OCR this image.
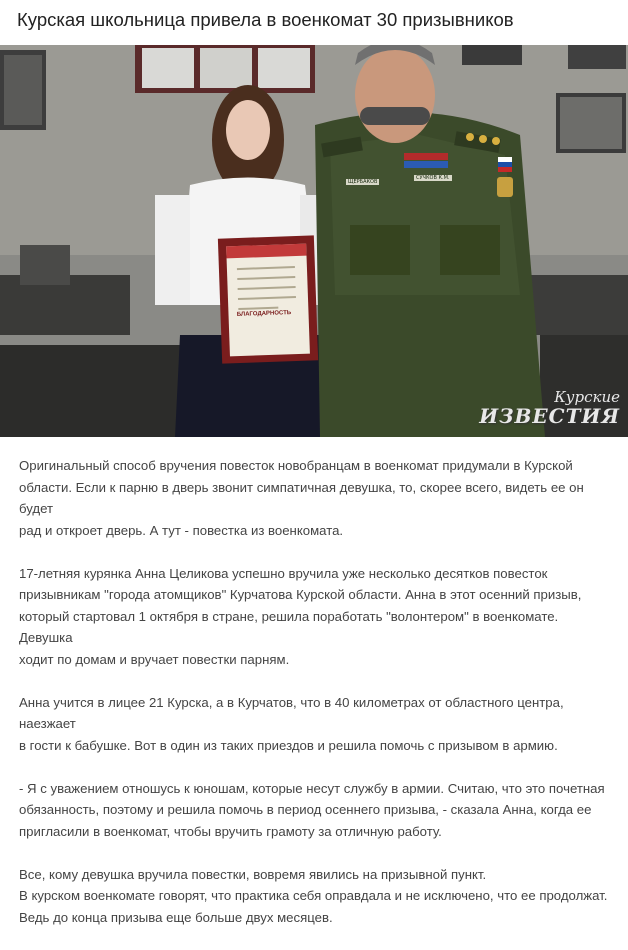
Курская школьница привела в военкомат 30 призывников
БЛАГОДАРНОСТЬ
ЩЕРБАКОВ
СУЧКОВ К.М.
Курские
ИЗВЕСТИЯ

Оригинальный способ вручения повесток новобранцам в военкомат придумали в Курской
области. Если к парню в дверь звонит симпатичная девушка, то, скорее всего, видеть ее он будет
рад и откроет дверь. А тут - повестка из военкомата.

17-летняя курянка Анна Целикова успешно вручила уже несколько десятков повесток
призывникам "города атомщиков" Курчатова Курской области. Анна в этот осенний призыв,
который стартовал 1 октября в стране, решила поработать "волонтером" в военкомате. Девушка
ходит по домам и вручает повестки парням.

Анна учится в лицее 21 Курска, а в Курчатов, что в 40 километрах от областного центра, наезжает
в гости к бабушке. Вот в один из таких приездов и решила помочь с призывом в армию.

- Я с уважением отношусь к юношам, которые несут службу в армии. Считаю, что это почетная
обязанность, поэтому и решила помочь в период осеннего призыва, - сказала Анна, когда ее
пригласили в военкомат, чтобы вручить грамоту за отличную работу.

Все, кому девушка вручила повестки, вовремя явились на призывной пункт.
В курском военкомате говорят, что практика себя оправдала и не исключено, что ее продолжат.
Ведь до конца призыва еще больше двух месяцев.
